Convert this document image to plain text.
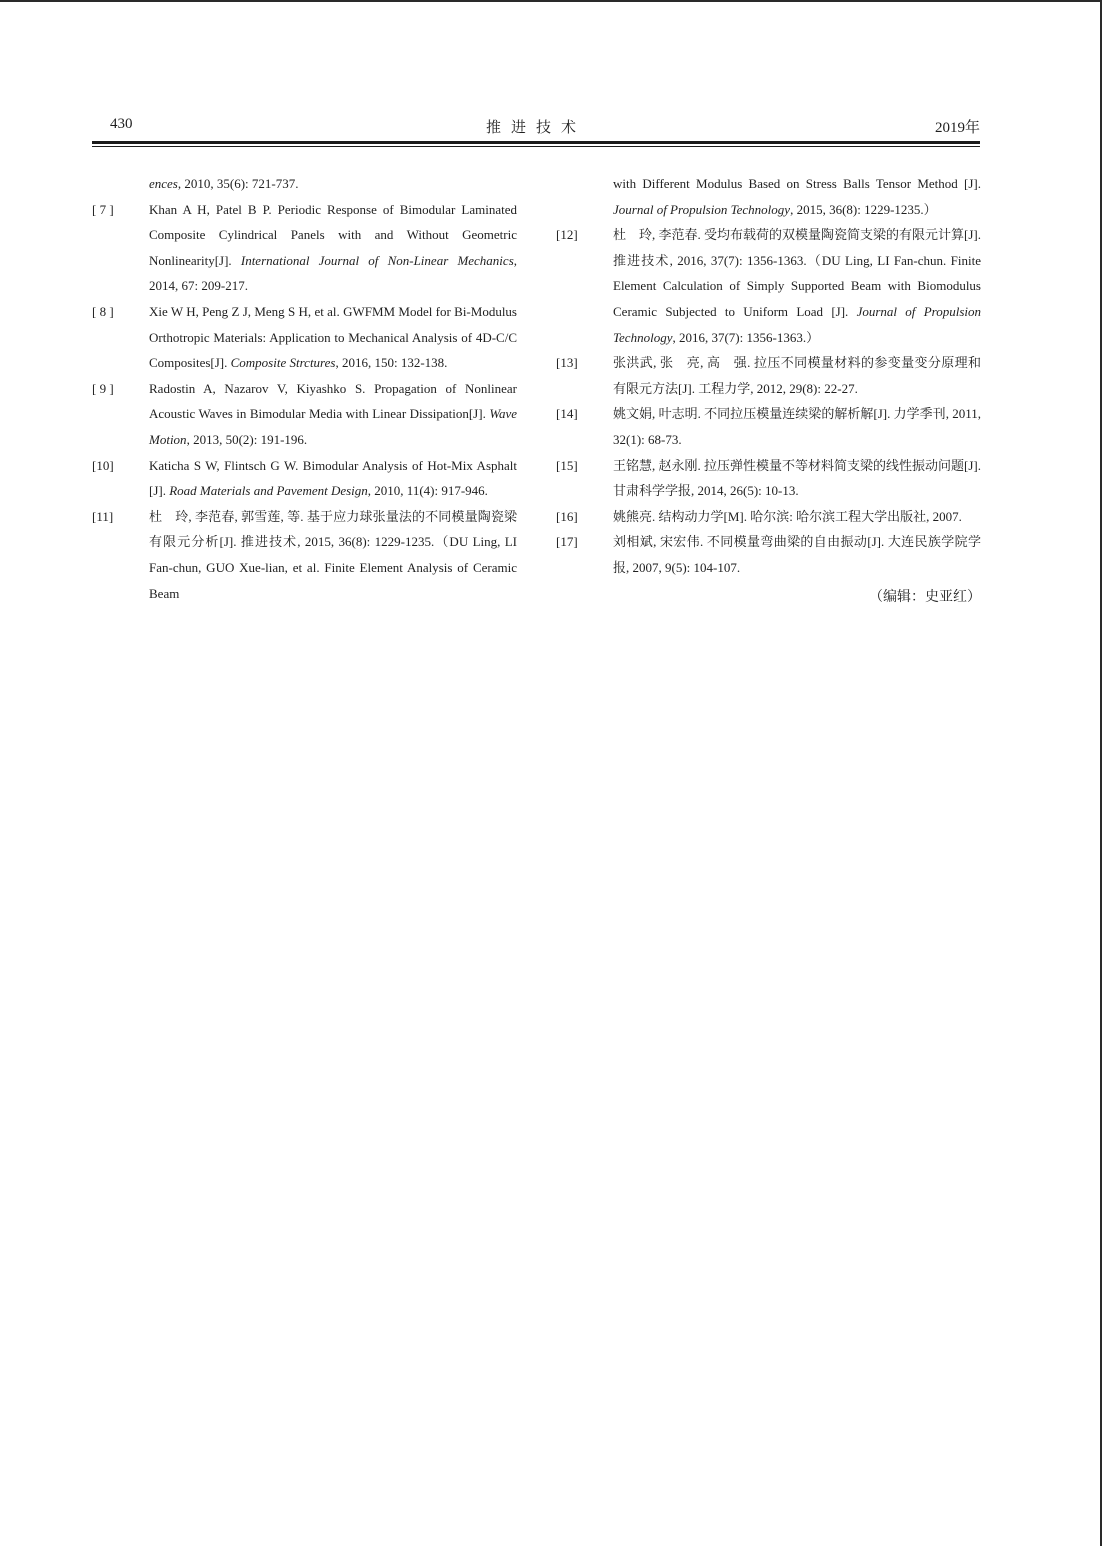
430	推进技术	2019年
ences, 2010, 35(6): 721-737.
[ 7 ]	Khan A H, Patel B P. Periodic Response of Bimodular Laminated Composite Cylindrical Panels with and Without Geometric Nonlinearity[J]. International Journal of Non-Linear Mechanics, 2014, 67: 209-217.
[ 8 ]	Xie W H, Peng Z J, Meng S H, et al. GWFMM Model for Bi-Modulus Orthotropic Materials: Application to Mechanical Analysis of 4D-C/C Composites[J]. Composite Strctures, 2016, 150: 132-138.
[ 9 ]	Radostin A, Nazarov V, Kiyashko S. Propagation of Nonlinear Acoustic Waves in Bimodular Media with Linear Dissipation[J]. Wave Motion, 2013, 50(2): 191-196.
[10]	Katicha S W, Flintsch G W. Bimodular Analysis of Hot-Mix Asphalt [J]. Road Materials and Pavement Design, 2010, 11(4): 917-946.
[11]	杜　玲, 李范春, 郭雪莲, 等. 基于应力球张量法的不同模量陶瓷梁有限元分析[J]. 推进技术, 2015, 36(8): 1229-1235.（DU Ling, LI Fan-chun, GUO Xue-lian, et al. Finite Element Analysis of Ceramic Beam
with Different Modulus Based on Stress Balls Tensor Method [J]. Journal of Propulsion Technology, 2015, 36(8): 1229-1235.）
[12]	杜　玲, 李范春. 受均布载荷的双模量陶瓷简支梁的有限元计算[J]. 推进技术, 2016, 37(7): 1356-1363.（DU Ling, LI Fan-chun. Finite Element Calculation of Simply Supported Beam with Biomodulus Ceramic Subjected to Uniform Load [J]. Journal of Propulsion Technology, 2016, 37(7): 1356-1363.）
[13]	张洪武, 张　亮, 高　强. 拉压不同模量材料的参变量变分原理和有限元方法[J]. 工程力学, 2012, 29(8): 22-27.
[14]	姚文娟, 叶志明. 不同拉压模量连续梁的解析解[J]. 力学季刊, 2011, 32(1): 68-73.
[15]	王铭慧, 赵永刚. 拉压弹性模量不等材料简支梁的线性振动问题[J]. 甘肃科学学报, 2014, 26(5): 10-13.
[16]	姚熊亮. 结构动力学[M]. 哈尔滨: 哈尔滨工程大学出版社, 2007.
[17]	刘相斌, 宋宏伟. 不同模量弯曲梁的自由振动[J]. 大连民族学院学报, 2007, 9(5): 104-107.
（编辑：史亚红）
